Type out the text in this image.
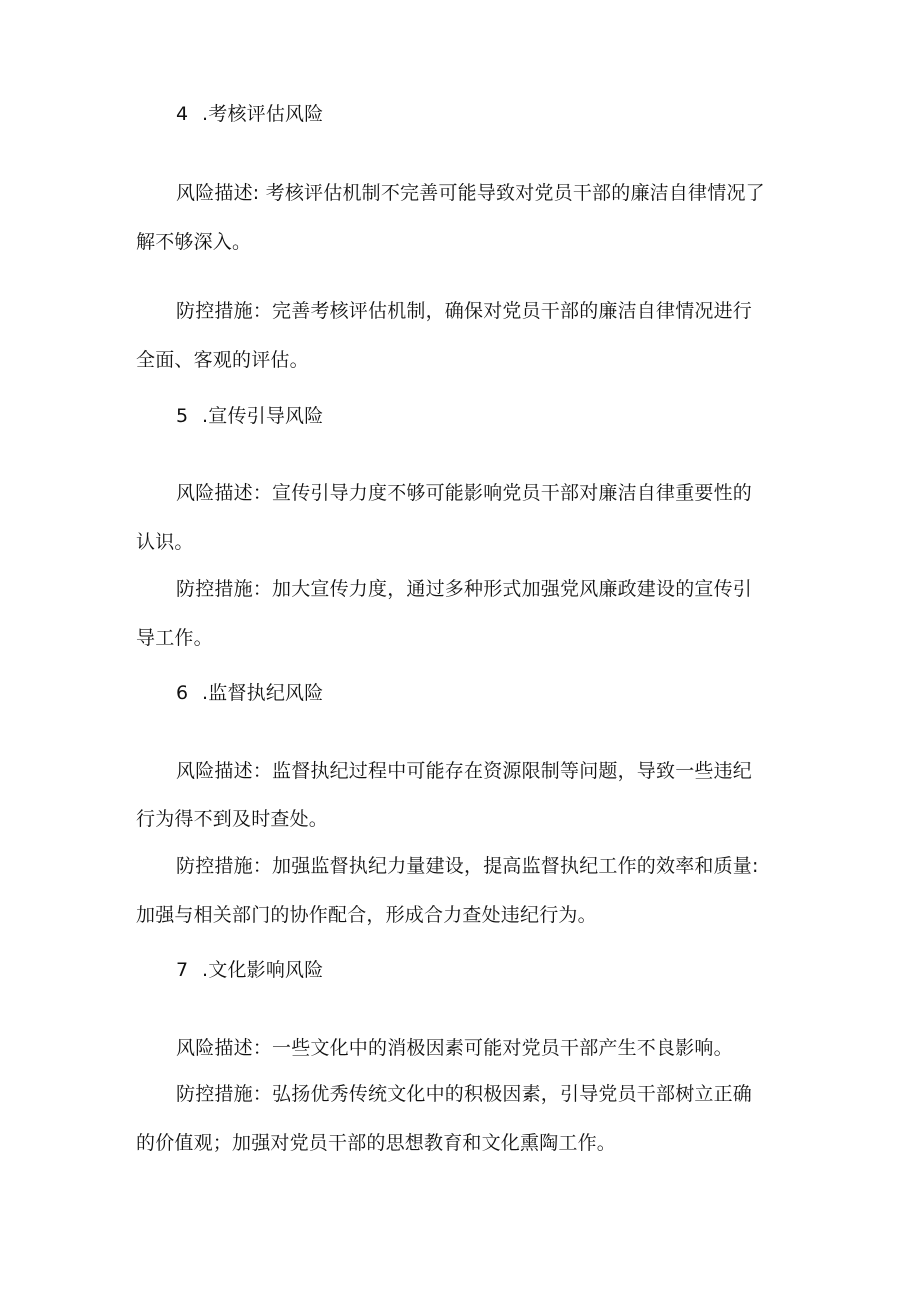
4 .考核评估风险
风险描述: 考核评估机制不完善可能导致对党员干部的廉洁自律情况了
解不够深入。
防控措施：完善考核评估机制，确保对党员干部的廉洁自律情况进行
全面、客观的评估。
5 .宣传引导风险
风险描述：宣传引导力度不够可能影响党员干部对廉洁自律重要性的
认识。
防控措施：加大宣传力度，通过多种形式加强党风廉政建设的宣传引
导工作。
6 .监督执纪风险
风险描述：监督执纪过程中可能存在资源限制等问题，导致一些违纪
行为得不到及时查处。
防控措施：加强监督执纪力量建设，提高监督执纪工作的效率和质量:
加强与相关部门的协作配合，形成合力查处违纪行为。
7 .文化影响风险
风险描述：一些文化中的消极因素可能对党员干部产生不良影响。
防控措施：弘扬优秀传统文化中的积极因素，引导党员干部树立正确
的价值观；加强对党员干部的思想教育和文化熏陶工作。
